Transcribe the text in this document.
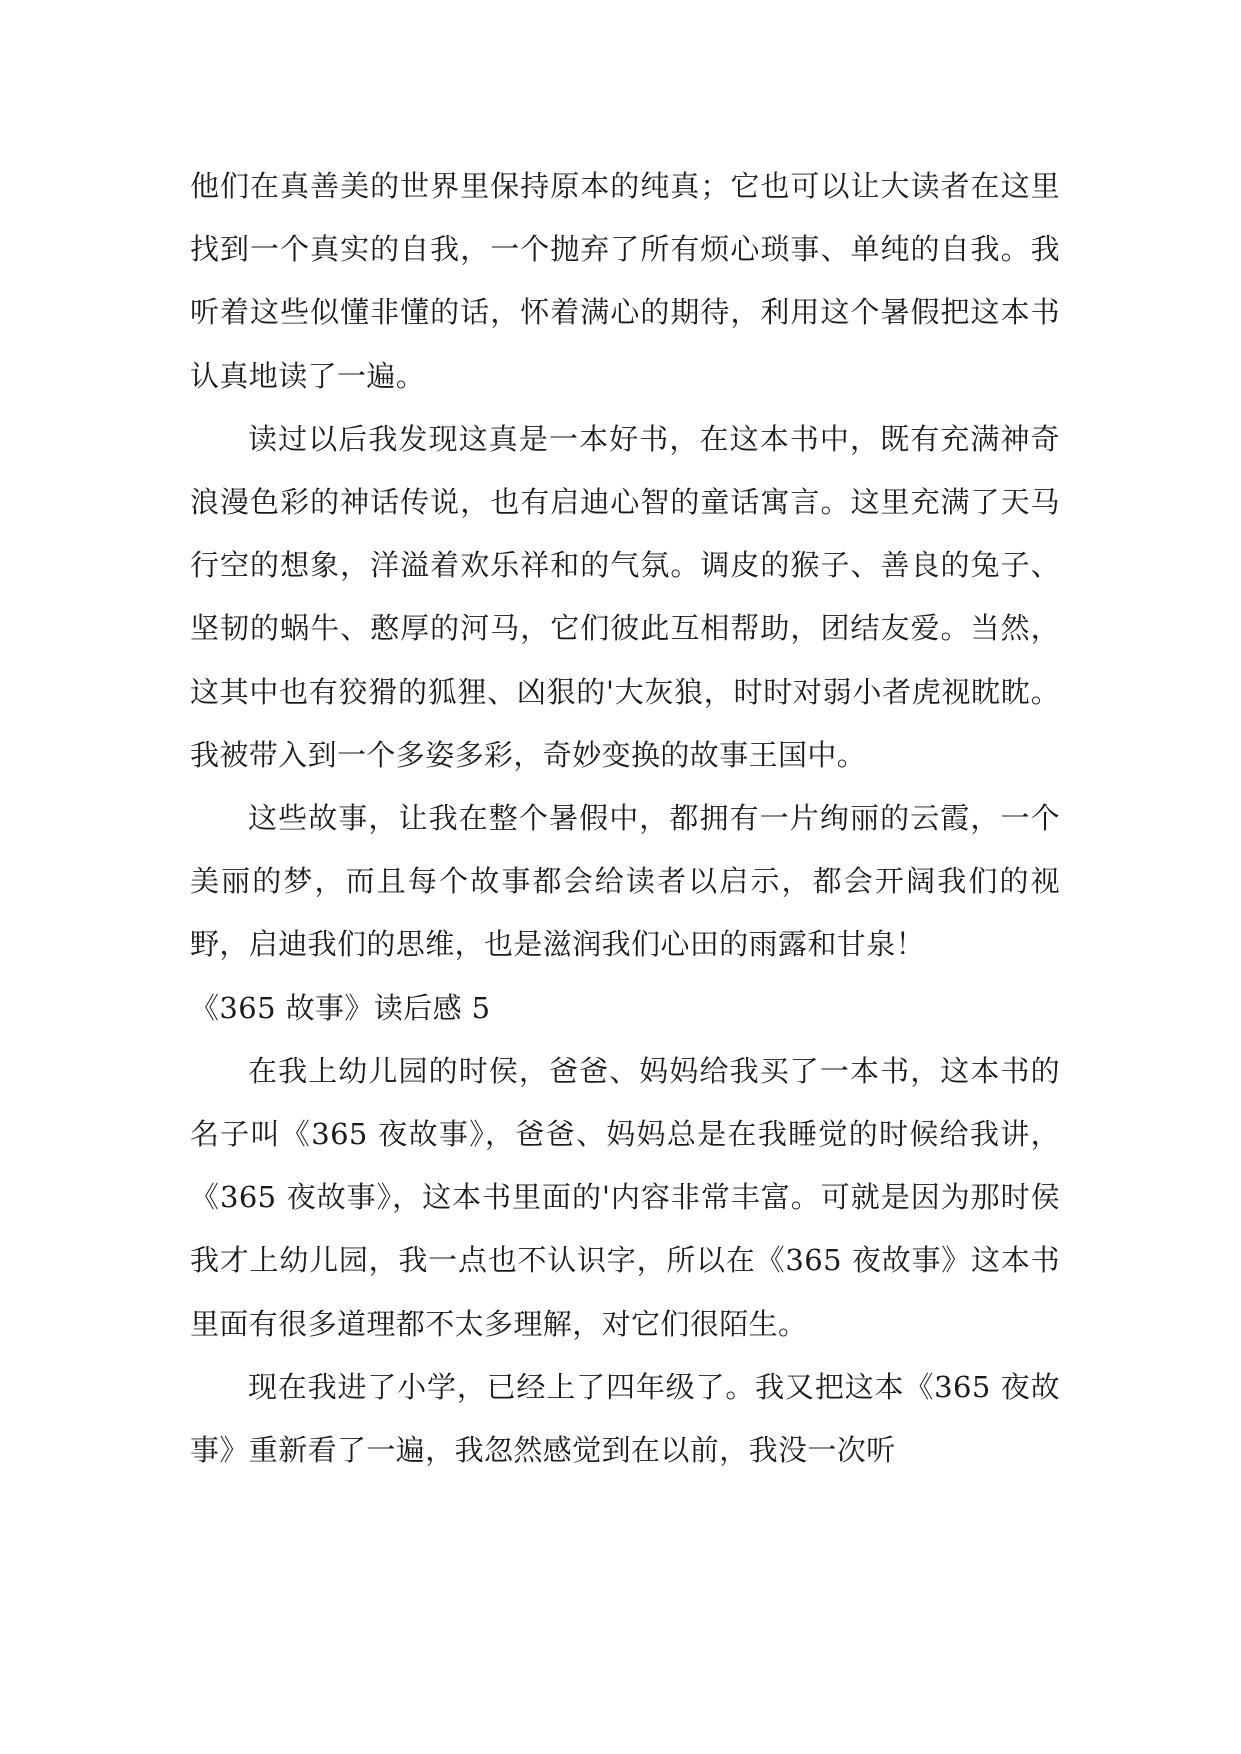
他们在真善美的世界里保持原本的纯真；它也可以让大读者在这里找到一个真实的自我，一个抛弃了所有烦心琐事、单纯的自我。我听着这些似懂非懂的话，怀着满心的期待，利用这个暑假把这本书认真地读了一遍。

读过以后我发现这真是一本好书，在这本书中，既有充满神奇浪漫色彩的神话传说，也有启迪心智的童话寓言。这里充满了天马行空的想象，洋溢着欢乐祥和的气氛。调皮的猴子、善良的兔子、坚韧的蜗牛、憨厚的河马，它们彼此互相帮助，团结友爱。当然，这其中也有狡猾的狐狸、凶狠的'大灰狼，时时对弱小者虎视眈眈。我被带入到一个多姿多彩，奇妙变换的故事王国中。

这些故事，让我在整个暑假中，都拥有一片绚丽的云霞，一个美丽的梦，而且每个故事都会给读者以启示，都会开阔我们的视野，启迪我们的思维，也是滋润我们心田的雨露和甘泉！

《365 故事》读后感 5

在我上幼儿园的时侯，爸爸、妈妈给我买了一本书，这本书的名子叫《365 夜故事》，爸爸、妈妈总是在我睡觉的时候给我讲，《365 夜故事》，这本书里面的'内容非常丰富。可就是因为那时侯我才上幼儿园，我一点也不认识字，所以在《365 夜故事》这本书里面有很多道理都不太多理解，对它们很陌生。

现在我进了小学，已经上了四年级了。我又把这本《365 夜故事》重新看了一遍，我忽然感觉到在以前，我没一次听
